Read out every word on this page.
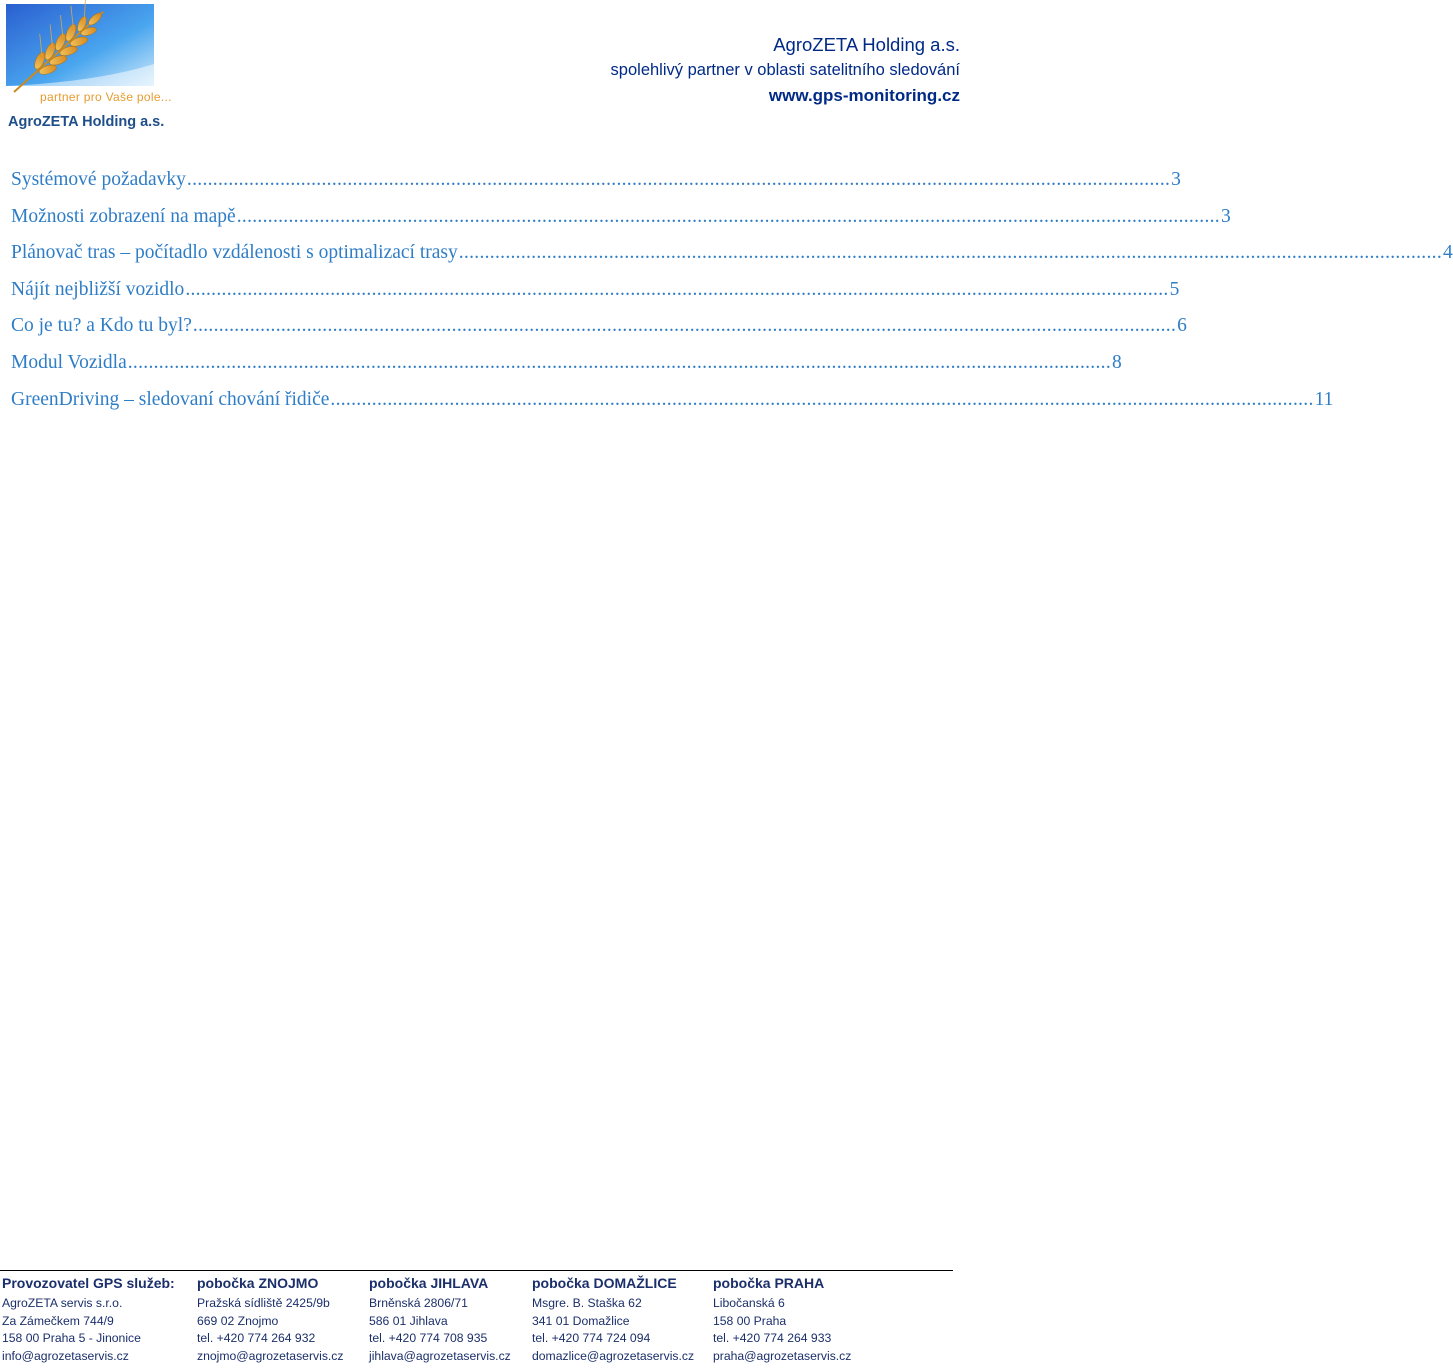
partner pro Vaše pole...
AgroZETA Holding a.s.
AgroZETA Holding a.s.
spolehlivý partner v oblasti satelitního sledování
www.gps-monitoring.cz
Systémové požadavky .............................................................................................................................................................................................. 3
Možnosti zobrazení na mapě .............................................................................................................................................................................................. 3
Plánovač tras – počítadlo vzdálenosti s optimalizací trasy .............................................................................................................................................................................................. 4
Nájít nejbližší vozidlo .............................................................................................................................................................................................. 5
Co je tu? a Kdo tu byl? .............................................................................................................................................................................................. 6
Modul Vozidla .............................................................................................................................................................................................. 8
GreenDriving – sledovaní chování řidiče .............................................................................................................................................................................................. 11
Provozovatel GPS služeb:
AgroZETA servis s.r.o.
Za Zámečkem 744/9
158 00 Praha 5 - Jinonice
info@agrozetaservis.cz
pobočka ZNOJMO
Pražská sídliště 2425/9b
669 02 Znojmo
tel. +420 774 264 932
znojmo@agrozetaservis.cz
pobočka JIHLAVA
Brněnská 2806/71
586 01 Jihlava
tel. +420 774 708 935
jihlava@agrozetaservis.cz
pobočka DOMAŽLICE
Msgre. B. Staška 62
341 01 Domažlice
tel. +420 774 724 094
domazlice@agrozetaservis.cz
pobočka PRAHA
Libočanská 6
158 00 Praha
tel. +420 774 264 933
praha@agrozetaservis.cz
